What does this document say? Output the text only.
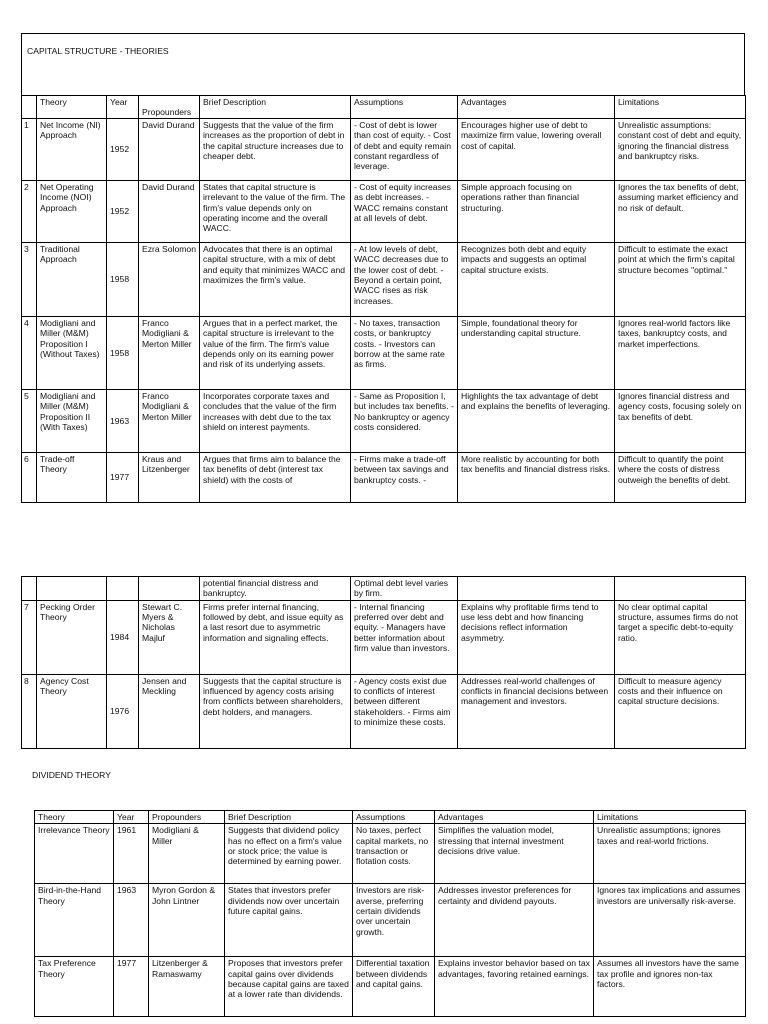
CAPITAL STRUCTURE - THEORIES
	Theory	Year	Propounders	Brief Description	Assumptions	Advantages	Limitations
1	Net Income (NI) Approach	1952	David Durand	Suggests that the value of the firm increases as the proportion of debt in the capital structure increases due to cheaper debt.	- Cost of debt is lower than cost of equity. - Cost of debt and equity remain constant regardless of leverage.	Encourages higher use of debt to maximize firm value, lowering overall cost of capital.	Unrealistic assumptions: constant cost of debt and equity, ignoring the financial distress and bankruptcy risks.
2	Net Operating Income (NOI) Approach	1952	David Durand	States that capital structure is irrelevant to the value of the firm. The firm's value depends only on operating income and the overall WACC.	- Cost of equity increases as debt increases. - WACC remains constant at all levels of debt.	Simple approach focusing on operations rather than financial structuring.	Ignores the tax benefits of debt, assuming market efficiency and no risk of default.
3	Traditional Approach	1958	Ezra Solomon	Advocates that there is an optimal capital structure, with a mix of debt and equity that minimizes WACC and maximizes the firm's value.	- At low levels of debt, WACC decreases due to the lower cost of debt. - Beyond a certain point, WACC rises as risk increases.	Recognizes both debt and equity impacts and suggests an optimal capital structure exists.	Difficult to estimate the exact point at which the firm's capital structure becomes "optimal."
4	Modigliani and Miller (M&M) Proposition I (Without Taxes)	1958	Franco Modigliani & Merton Miller	Argues that in a perfect market, the capital structure is irrelevant to the value of the firm. The firm's value depends only on its earning power and risk of its underlying assets.	- No taxes, transaction costs, or bankruptcy costs. - Investors can borrow at the same rate as firms.	Simple, foundational theory for understanding capital structure.	Ignores real-world factors like taxes, bankruptcy costs, and market imperfections.
5	Modigliani and Miller (M&M) Proposition II (With Taxes)	1963	Franco Modigliani & Merton Miller	Incorporates corporate taxes and concludes that the value of the firm increases with debt due to the tax shield on interest payments.	- Same as Proposition I, but includes tax benefits. - No bankruptcy or agency costs considered.	Highlights the tax advantage of debt and explains the benefits of leveraging.	Ignores financial distress and agency costs, focusing solely on tax benefits of debt.
6	Trade-off Theory	1977	Kraus and Litzenberger	Argues that firms aim to balance the tax benefits of debt (interest tax shield) with the costs of	- Firms make a trade-off between tax savings and bankruptcy costs. -	More realistic by accounting for both tax benefits and financial distress risks.	Difficult to quantify the point where the costs of distress outweigh the benefits of debt.
				potential financial distress and bankruptcy.	Optimal debt level varies by firm.		
7	Pecking Order Theory	1984	Stewart C. Myers & Nicholas Majluf	Firms prefer internal financing, followed by debt, and issue equity as a last resort due to asymmetric information and signaling effects.	- Internal financing preferred over debt and equity. - Managers have better information about firm value than investors.	Explains why profitable firms tend to use less debt and how financing decisions reflect information asymmetry.	No clear optimal capital structure, assumes firms do not target a specific debt-to-equity ratio.
8	Agency Cost Theory	1976	Jensen and Meckling	Suggests that the capital structure is influenced by agency costs arising from conflicts between shareholders, debt holders, and managers.	- Agency costs exist due to conflicts of interest between different stakeholders. - Firms aim to minimize these costs.	Addresses real-world challenges of conflicts in financial decisions between management and investors.	Difficult to measure agency costs and their influence on capital structure decisions.
DIVIDEND THEORY
Theory	Year	Propounders	Brief Description	Assumptions	Advantages	Limitations
Irrelevance Theory	1961	Modigliani & Miller	Suggests that dividend policy has no effect on a firm's value or stock price; the value is determined by earning power.	No taxes, perfect capital markets, no transaction or flotation costs.	Simplifies the valuation model, stressing that internal investment decisions drive value.	Unrealistic assumptions; ignores taxes and real-world frictions.
Bird-in-the-Hand Theory	1963	Myron Gordon & John Lintner	States that investors prefer dividends now over uncertain future capital gains.	Investors are risk-averse, preferring certain dividends over uncertain growth.	Addresses investor preferences for certainty and dividend payouts.	Ignores tax implications and assumes investors are universally risk-averse.
Tax Preference Theory	1977	Litzenberger & Ramaswamy	Proposes that investors prefer capital gains over dividends because capital gains are taxed at a lower rate than dividends.	Differential taxation between dividends and capital gains.	Explains investor behavior based on tax advantages, favoring retained earnings.	Assumes all investors have the same tax profile and ignores non-tax factors.
